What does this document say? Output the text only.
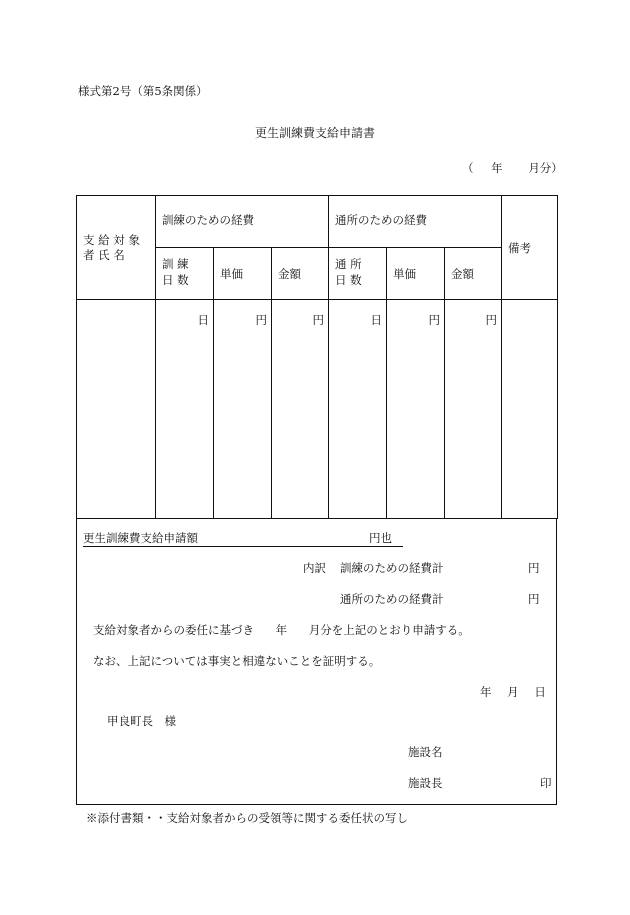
様式第2号（第5条関係）
更生訓練費支給申請書
（ 年 月分）
支 給 対 象 者 氏 名	訓練のための経費			通所のための経費			備考

	訓 練 日 数	単価	金額	通 所 日 数	単価	金額	

	日	円	円	日	円	円	

更生訓練費支給申請額	円也
内訳 訓練のための経費計	円
通所のための経費計	円
支給対象者からの委任に基づき 年 月分を上記のとおり申請する。
なお、上記については事実と相違ないことを証明する。
年 月 日
甲良町長　様
施設名
施設長	印
※添付書類・・支給対象者からの受領等に関する委任状の写し
